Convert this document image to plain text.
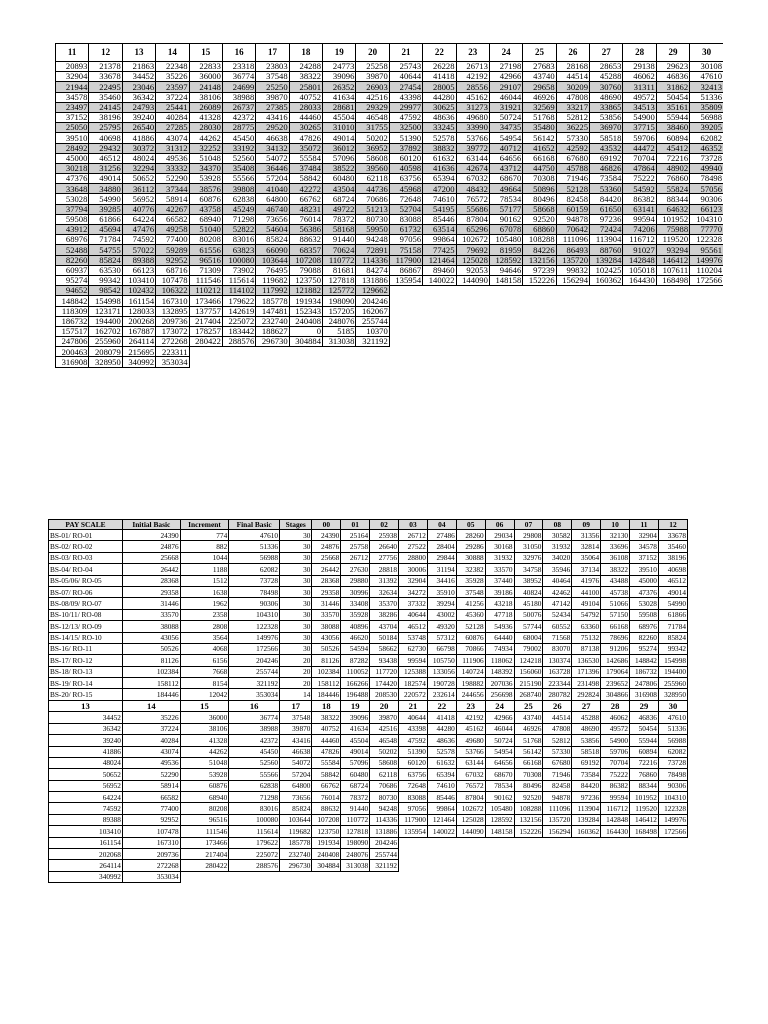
11	12	13	14	15	16	17	18	19	20	21	22	23	24	25	26	27	28	29	30
20893	21378	21863	22348	22833	23318	23803	24288	24773	25258	25743	26228	26713	27198	27683	28168	28653	29138	29623	30108
32904	33678	34452	35226	36000	36774	37548	38322	39096	39870	40644	41418	42192	42966	43740	44514	45288	46062	46836	47610
21944	22495	23046	23597	24148	24699	25250	25801	26352	26903	27454	28005	28556	29107	29658	30209	30760	31311	31862	32413
34578	35460	36342	37224	38106	38988	39870	40752	41634	42516	43398	44280	45162	46044	46926	47808	48690	49572	50454	51336
23497	24145	24793	25441	26089	26737	27385	28033	28681	29329	29977	30625	31273	31921	32569	33217	33865	34513	35161	35809
37152	38196	39240	40284	41328	42372	43416	44460	45504	46548	47592	48636	49680	50724	51768	52812	53856	54900	55944	56988
25050	25795	26540	27285	28030	28775	29520	30265	31010	31755	32500	33245	33990	34735	35480	36225	36970	37715	38460	39205
39510	40698	41886	43074	44262	45450	46638	47826	49014	50202	51390	52578	53766	54954	56142	57330	58518	59706	60894	62082
28492	29432	30372	31312	32252	33192	34132	35072	36012	36952	37892	38832	39772	40712	41652	42592	43532	44472	45412	46352
45000	46512	48024	49536	51048	52560	54072	55584	57096	58608	60120	61632	63144	64656	66168	67680	69192	70704	72216	73728
30218	31256	32294	33332	34370	35408	36446	37484	38522	39560	40598	41636	42674	43712	44750	45788	46826	47864	48902	49940
47376	49014	50652	52290	53928	55566	57204	58842	60480	62118	63756	65394	67032	68670	70308	71946	73584	75222	76860	78498
33648	34880	36112	37344	38576	39808	41040	42272	43504	44736	45968	47200	48432	49664	50896	52128	53360	54592	55824	57056
53028	54990	56952	58914	60876	62838	64800	66762	68724	70686	72648	74610	76572	78534	80496	82458	84420	86382	88344	90306
37794	39285	40776	42267	43758	45249	46740	48231	49722	51213	52704	54195	55686	57177	58668	60159	61650	63141	64632	66123
59508	61866	64224	66582	68940	71298	73656	76014	78372	80730	83088	85446	87804	90162	92520	94878	97236	99594	101952	104310
43912	45694	47476	49258	51040	52822	54604	56386	58168	59950	61732	63514	65296	67078	68860	70642	72424	74206	75988	77770
68976	71784	74592	77400	80208	83016	85824	88632	91440	94248	97056	99864	102672	105480	108288	111096	113904	116712	119520	122328
52488	54755	57022	59289	61556	63823	66090	68357	70624	72891	75158	77425	79692	81959	84226	86493	88760	91027	93294	95561
82260	85824	89388	92952	96516	100080	103644	107208	110772	114336	117900	121464	125028	128592	132156	135720	139284	142848	146412	149976
60937	63530	66123	68716	71309	73902	76495	79088	81681	84274	86867	89460	92053	94646	97239	99832	102425	105018	107611	110204
95274	99342	103410	107478	111546	115614	119682	123750	127818	131886	135954	140022	144090	148158	152226	156294	160362	164430	168498	172566
94652	98542	102432	106322	110212	114102	117992	121882	125772	129662										
148842	154998	161154	167310	173466	179622	185778	191934	198090	204246										
118309	123171	128033	132895	137757	142619	147481	152343	157205	162067										
186732	194400	200268	209736	217404	225072	232740	240408	248076	255744										
157517	162702	167887	173072	178257	183442	188627	0	5185	10370										
247806	255960	264114	272268	280422	288576	296730	304884	313038	321192										
200463	208079	215695	223311																
316908	328950	340992	353034																
PAY SCALE	Initial Basic	Increment	Final Basic	Stages	00	01	02	03	04	05	06	07	08	09	10	11	12
BS-01/ RO-01	24390	774	47610	30	24390	25164	25938	26712	27486	28260	29034	29808	30582	31356	32130	32904	33678
BS-02/ RO-02	24876	882	51336	30	24876	25758	26640	27522	28404	29286	30168	31050	31932	32814	33696	34578	35460
BS-03/ RO-03	25668	1044	56988	30	25668	26712	27756	28800	29844	30888	31932	32976	34020	35064	36108	37152	38196
BS-04/ RO-04	26442	1188	62082	30	26442	27630	28818	30006	31194	32382	33570	34758	35946	37134	38322	39510	40698
BS-05/06/ RO-05	28368	1512	73728	30	28368	29880	31392	32904	34416	35928	37440	38952	40464	41976	43488	45000	46512
BS-07/ RO-06	29358	1638	78498	30	29358	30996	32634	34272	35910	37548	39186	40824	42462	44100	45738	47376	49014
BS-08/09/ RO-07	31446	1962	90306	30	31446	33408	35370	37332	39294	41256	43218	45180	47142	49104	51066	53028	54990
BS-10/11/ RO-08	33570	2358	104310	30	33570	35928	38286	40644	43002	45360	47718	50076	52434	54792	57150	59508	61866
BS-12/13/ RO-09	38088	2808	122328	30	38088	40896	43704	46512	49320	52128	54936	57744	60552	63360	66168	68976	71784
BS-14/15/ RO-10	43056	3564	149976	30	43056	46620	50184	53748	57312	60876	64440	68004	71568	75132	78696	82260	85824
BS-16/ RO-11	50526	4068	172566	30	50526	54594	58662	62730	66798	70866	74934	79002	83070	87138	91206	95274	99342
BS-17/ RO-12	81126	6156	204246	20	81126	87282	93438	99594	105750	111906	118062	124218	130374	136530	142686	148842	154998
BS-18/ RO-13	102384	7668	255744	20	102384	110052	117720	125388	133056	140724	148392	156060	163728	171396	179064	186732	194400
BS-19/ RO-14	158112	8154	321192	20	158112	166266	174420	182574	190728	198882	207036	215190	223344	231498	239652	247806	255960
BS-20/ RO-15	184446	12042	353034	14	184446	196488	208530	220572	232614	244656	256698	268740	280782	292824	304866	316908	328950
13	14	15	16	17	18	19	20	21	22	23	24	25	26	27	28	29	30
34452	35226	36000	36774	37548	38322	39096	39870	40644	41418	42192	42966	43740	44514	45288	46062	46836	47610
36342	37224	38106	38988	39870	40752	41634	42516	43398	44280	45162	46044	46926	47808	48690	49572	50454	51336
39240	40284	41328	42372	43416	44460	45504	46548	47592	48636	49680	50724	51768	52812	53856	54900	55944	56988
41886	43074	44262	45450	46638	47826	49014	50202	51390	52578	53766	54954	56142	57330	58518	59706	60894	62082
48024	49536	51048	52560	54072	55584	57096	58608	60120	61632	63144	64656	66168	67680	69192	70704	72216	73728
50652	52290	53928	55566	57204	58842	60480	62118	63756	65394	67032	68670	70308	71946	73584	75222	76860	78498
56952	58914	60876	62838	64800	66762	68724	70686	72648	74610	76572	78534	80496	82458	84420	86382	88344	90306
64224	66582	68940	71298	73656	76014	78372	80730	83088	85446	87804	90162	92520	94878	97236	99594	101952	104310
74592	77400	80208	83016	85824	88632	91440	94248	97056	99864	102672	105480	108288	111096	113904	116712	119520	122328
89388	92952	96516	100080	103644	107208	110772	114336	117900	121464	125028	128592	132156	135720	139284	142848	146412	149976
103410	107478	111546	115614	119682	123750	127818	131886	135954	140022	144090	148158	152226	156294	160362	164430	168498	172566
161154	167310	173466	179622	185778	191934	198090	204246										
202068	209736	217404	225072	232740	240408	248076	255744										
264114	272268	280422	288576	296730	304884	313038	321192										
340992	353034																
